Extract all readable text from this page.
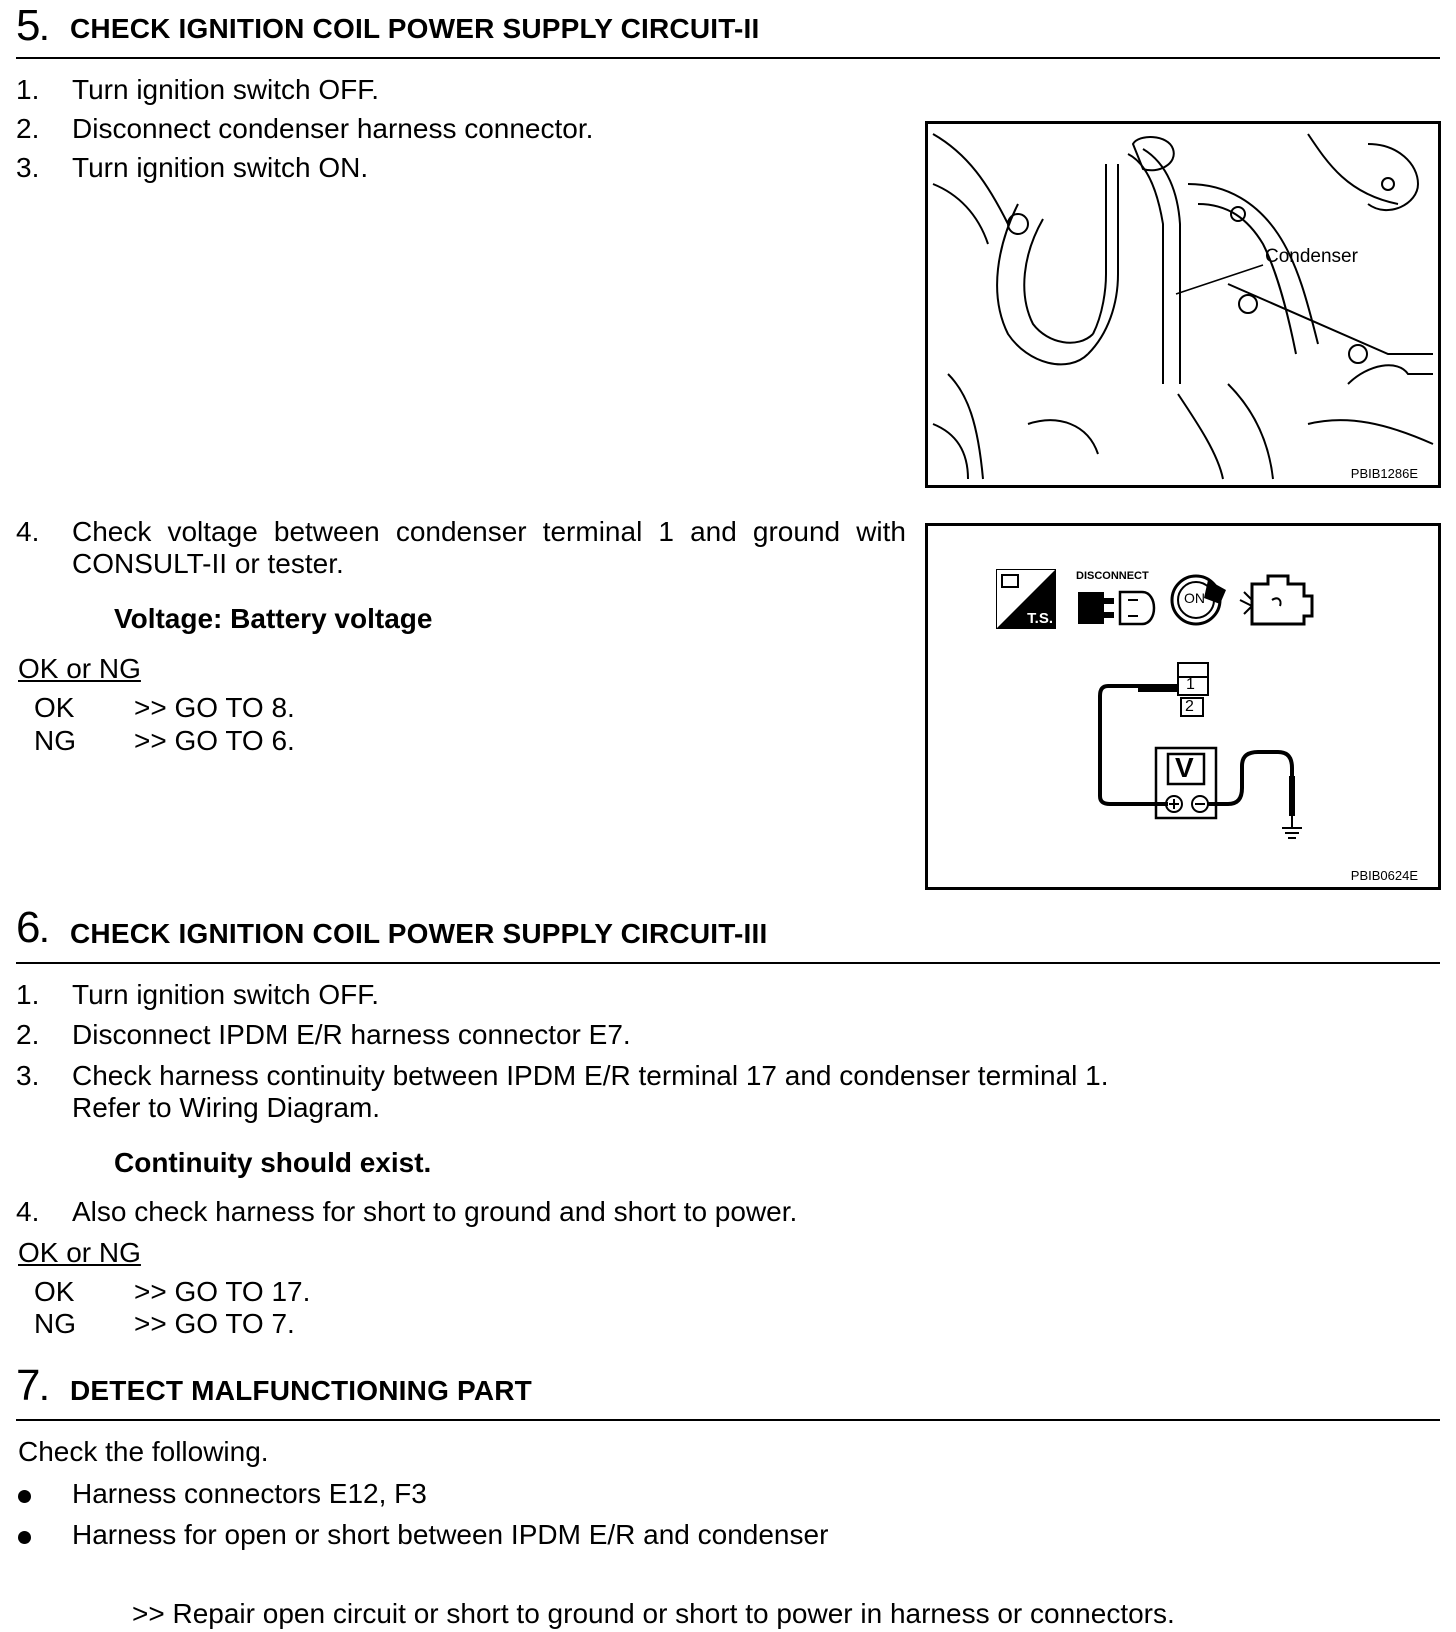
5. CHECK IGNITION COIL POWER SUPPLY CIRCUIT-II
1. Turn ignition switch OFF.
2. Disconnect condenser harness connector.
3. Turn ignition switch ON.
Condenser
PBIB1286E
4. Check voltage between condenser terminal 1 and ground with
CONSULT-II or tester.
Voltage: Battery voltage
OK or NG
OK >> GO TO 8.
NG >> GO TO 6.
T.S.
DISCONNECT
ON
1
2
V
PBIB0624E
6. CHECK IGNITION COIL POWER SUPPLY CIRCUIT-III
1. Turn ignition switch OFF.
2. Disconnect IPDM E/R harness connector E7.
3. Check harness continuity between IPDM E/R terminal 17 and condenser terminal 1.
Refer to Wiring Diagram.
Continuity should exist.
4. Also check harness for short to ground and short to power.
OK or NG
OK >> GO TO 17.
NG >> GO TO 7.
7. DETECT MALFUNCTIONING PART
Check the following.
Harness connectors E12, F3
Harness for open or short between IPDM E/R and condenser
>> Repair open circuit or short to ground or short to power in harness or connectors.
